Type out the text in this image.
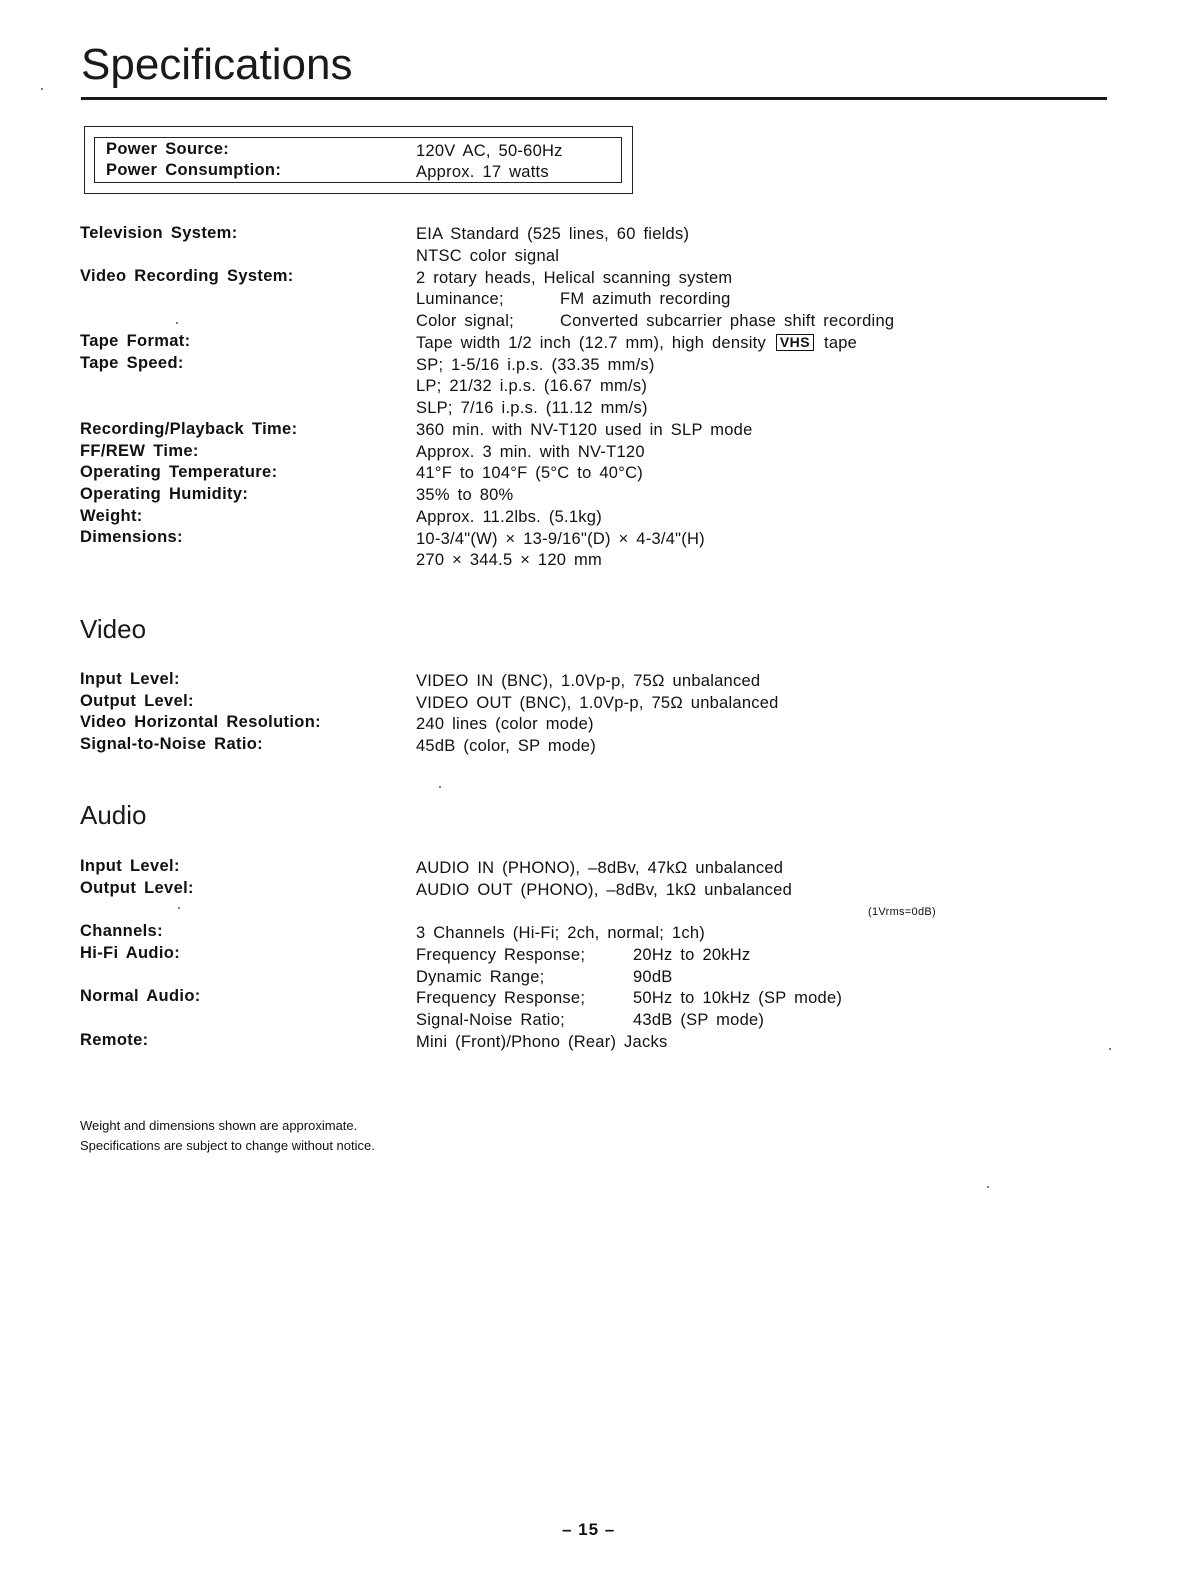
Specifications
Power Source:	120V AC, 50-60Hz
Power Consumption:	Approx. 17 watts
Television System:	EIA Standard (525 lines, 60 fields)
NTSC color signal
Video Recording System:	2 rotary heads, Helical scanning system
Luminance;	FM azimuth recording
Color signal;	Converted subcarrier phase shift recording
Tape Format:	Tape width 1/2 inch (12.7 mm), high density VHS tape
Tape Speed:	SP; 1-5/16 i.p.s. (33.35 mm/s)
LP; 21/32 i.p.s. (16.67 mm/s)
SLP; 7/16 i.p.s. (11.12 mm/s)
Recording/Playback Time:	360 min. with NV-T120 used in SLP mode
FF/REW Time:	Approx. 3 min. with NV-T120
Operating Temperature:	41°F to 104°F (5°C to 40°C)
Operating Humidity:	35% to 80%
Weight:	Approx. 11.2lbs. (5.1kg)
Dimensions:	10-3/4"(W) × 13-9/16"(D) × 4-3/4"(H)
270 × 344.5 × 120 mm
Video
Input Level:	VIDEO IN (BNC), 1.0Vp-p, 75Ω unbalanced
Output Level:	VIDEO OUT (BNC), 1.0Vp-p, 75Ω unbalanced
Video Horizontal Resolution:	240 lines (color mode)
Signal-to-Noise Ratio:	45dB (color, SP mode)
Audio
Input Level:	AUDIO IN (PHONO), –8dBv, 47kΩ unbalanced
Output Level:	AUDIO OUT (PHONO), –8dBv, 1kΩ unbalanced
(1Vrms=0dB)
Channels:	3 Channels (Hi-Fi; 2ch, normal; 1ch)
Hi-Fi Audio:	Frequency Response;	20Hz to 20kHz
Dynamic Range;	90dB
Normal Audio:	Frequency Response;	50Hz to 10kHz (SP mode)
Signal-Noise Ratio;	43dB (SP mode)
Remote:	Mini (Front)/Phono (Rear) Jacks
Weight and dimensions shown are approximate.
Specifications are subject to change without notice.
– 15 –
